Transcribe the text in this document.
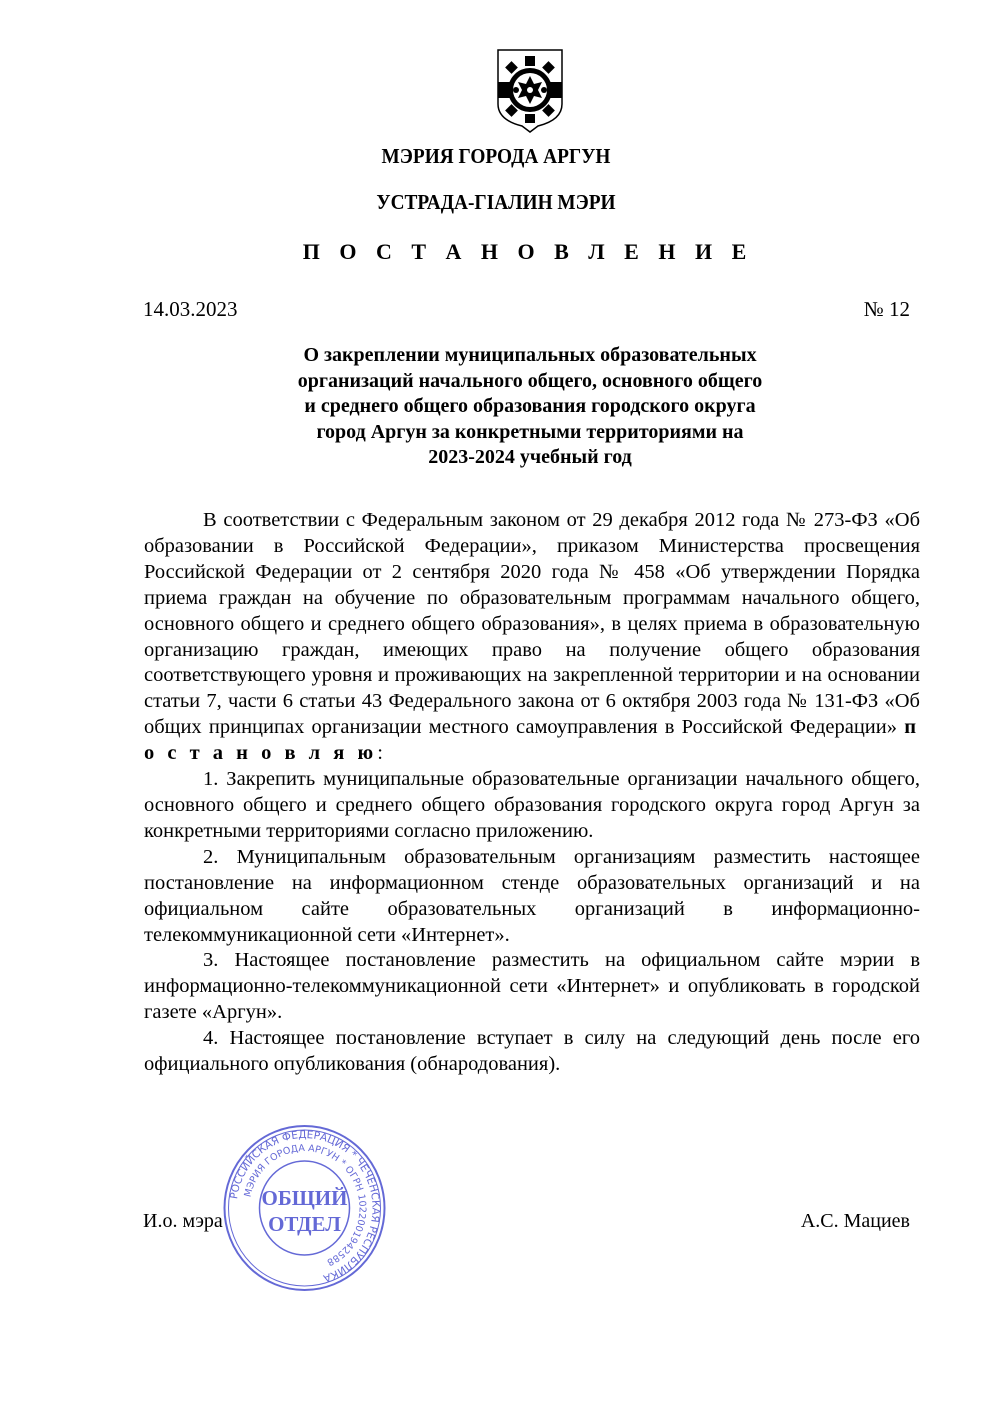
МЭРИЯ ГОРОДА АРГУН
УСТРАДА-ГIАЛИН МЭРИ
П О С Т А Н О В Л Е Н И Е
14.03.2023	№ 12
О закреплении муниципальных образовательных
организаций начального общего, основного общего
и среднего общего образования городского округа
город Аргун за конкретными территориями на
2023-2024 учебный год

В соответствии с Федеральным законом от 29 декабря 2012 года № 273-ФЗ «Об образовании в Российской Федерации», приказом Министерства просвещения Российской Федерации от 2 сентября 2020 года № 458 «Об утверждении Порядка приема граждан на обучение по образовательным программам начального общего, основного общего и среднего общего образования», в целях приема в образовательную организацию граждан, имеющих право на получение общего образования соответствующего уровня и проживающих на закрепленной территории и на основании статьи 7, части 6 статьи 43 Федерального закона от 6 октября 2003 года № 131-ФЗ «Об общих принципах организации местного самоуправления в Российской Федерации» п о с т а н о в л я ю:

1. Закрепить муниципальные образовательные организации начального общего, основного общего и среднего общего образования городского округа город Аргун за конкретными территориями согласно приложению.

2. Муниципальным образовательным организациям разместить настоящее постановление на информационном стенде образовательных организаций и на официальном сайте образовательных организаций в информационно-телекоммуникационной сети «Интернет».

3. Настоящее постановление разместить на официальном сайте мэрии в информационно-телекоммуникационной сети «Интернет» и опубликовать в городской газете «Аргун».

4. Настоящее постановление вступает в силу на следующий день после его официального опубликования (обнародования).

И.о. мэра	А.С. Мациев
РОССИЙСКАЯ ФЕДЕРАЦИЯ * ЧЕЧЕНСКАЯ РЕСПУБЛИКА
МЭРИЯ ГОРОДА АРГУН * ОГРН 1022001942588
ОБЩИЙ
ОТДЕЛ
